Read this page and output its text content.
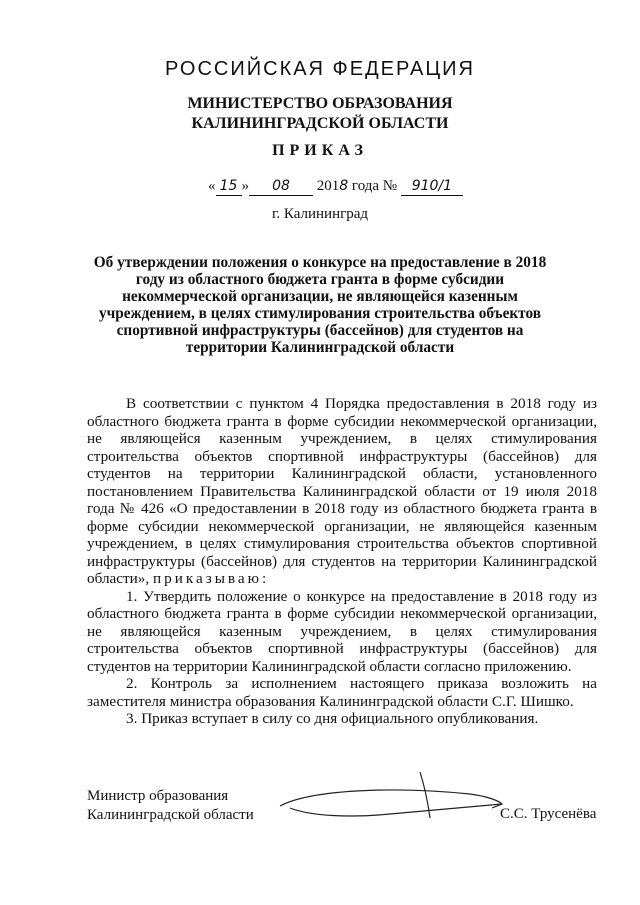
РОССИЙСКАЯ ФЕДЕРАЦИЯ
МИНИСТЕРСТВО ОБРАЗОВАНИЯ
КАЛИНИНГРАДСКОЙ ОБЛАСТИ
ПРИКАЗ
« 15 » 08 2018 года № 910/1
г. Калининград
Об утверждении положения о конкурсе на предоставление в 2018 году из областного бюджета гранта в форме субсидии некоммерческой организации, не являющейся казенным учреждением, в целях стимулирования строительства объектов спортивной инфраструктуры (бассейнов) для студентов на территории Калининградской области

В соответствии с пунктом 4 Порядка предоставления в 2018 году из областного бюджета гранта в форме субсидии некоммерческой организации, не являющейся казенным учреждением, в целях стимулирования строительства объектов спортивной инфраструктуры (бассейнов) для студентов на территории Калининградской области, установленного постановлением Правительства Калининградской области от 19 июля 2018 года № 426 «О предоставлении в 2018 году из областного бюджета гранта в форме субсидии некоммерческой организации, не являющейся казенным учреждением, в целях стимулирования строительства объектов спортивной инфраструктуры (бассейнов) для студентов на территории Калининградской области», приказываю:

1. Утвердить положение о конкурсе на предоставление в 2018 году из областного бюджета гранта в форме субсидии некоммерческой организации, не являющейся казенным учреждением, в целях стимулирования строительства объектов спортивной инфраструктуры (бассейнов) для студентов на территории Калининградской области согласно приложению.

2. Контроль за исполнением настоящего приказа возложить на заместителя министра образования Калининградской области С.Г. Шишко.

3. Приказ вступает в силу со дня официального опубликования.

Министр образования
Калининградской области	С.С. Трусенёва
